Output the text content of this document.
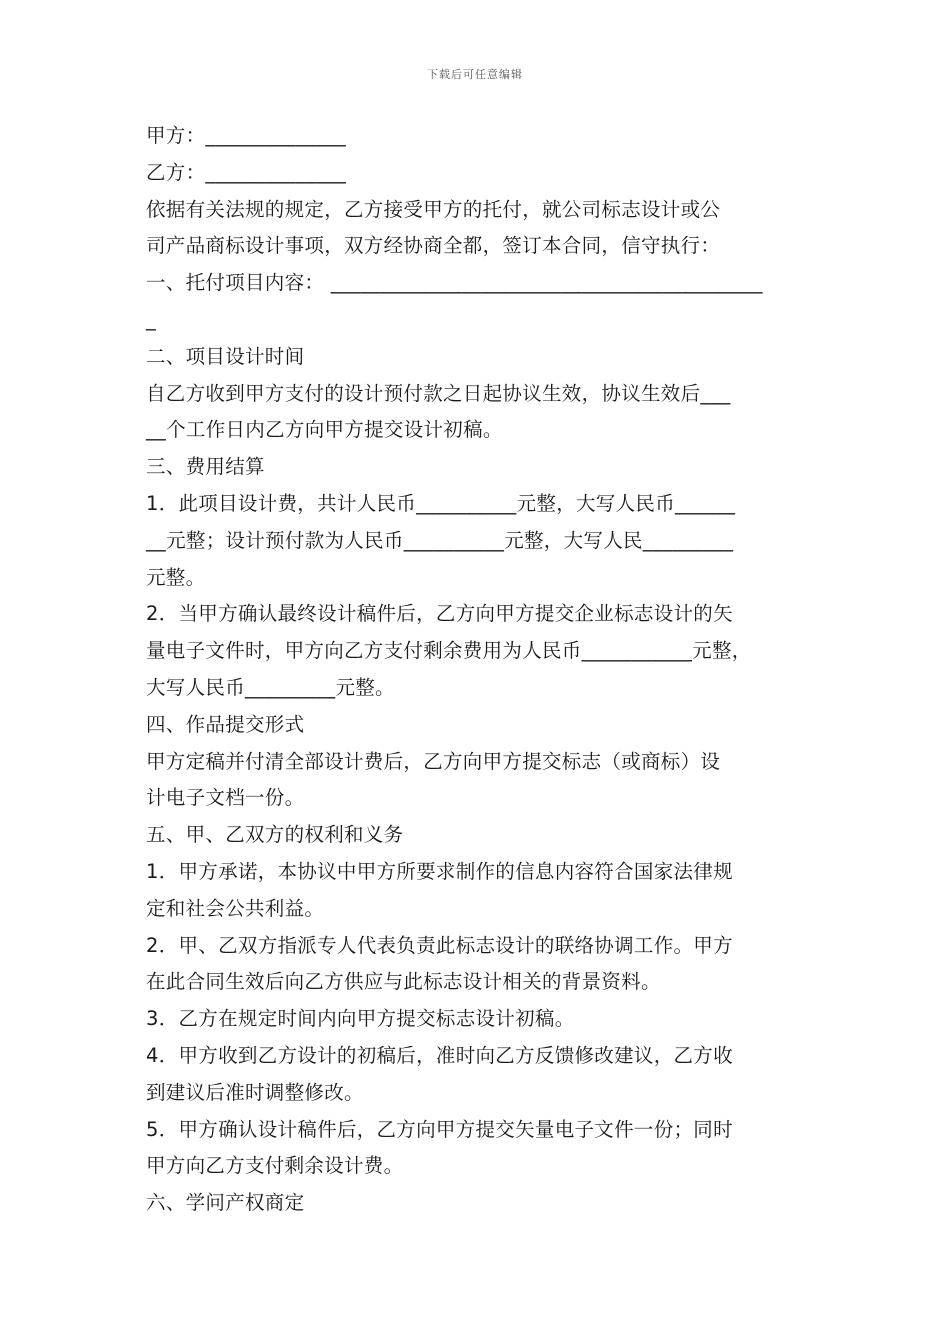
下载后可任意编辑
甲方：______________
乙方：______________
依据有关法规的规定，乙方接受甲方的托付，就公司标志设计或公
司产品商标设计事项，双方经协商全都，签订本合同，信守执行：
一、托付项目内容： ___________________________________________
_
二、项目设计时间
自乙方收到甲方支付的设计预付款之日起协议生效，协议生效后___
__个工作日内乙方向甲方提交设计初稿。
三、费用结算
1．此项目设计费，共计人民币__________元整，大写人民币______
__元整；设计预付款为人民币__________元整，大写人民_________
元整。
2．当甲方确认最终设计稿件后，乙方向甲方提交企业标志设计的矢
量电子文件时，甲方向乙方支付剩余费用为人民币___________元整，
大写人民币_________元整。
四、作品提交形式
甲方定稿并付清全部设计费后，乙方向甲方提交标志（或商标）设
计电子文档一份。
五、甲、乙双方的权利和义务
1．甲方承诺，本协议中甲方所要求制作的信息内容符合国家法律规
定和社会公共利益。
2．甲、乙双方指派专人代表负责此标志设计的联络协调工作。甲方
在此合同生效后向乙方供应与此标志设计相关的背景资料。
3．乙方在规定时间内向甲方提交标志设计初稿。
4．甲方收到乙方设计的初稿后，准时向乙方反馈修改建议，乙方收
到建议后准时调整修改。
5．甲方确认设计稿件后，乙方向甲方提交矢量电子文件一份；同时
甲方向乙方支付剩余设计费。
六、学问产权商定
